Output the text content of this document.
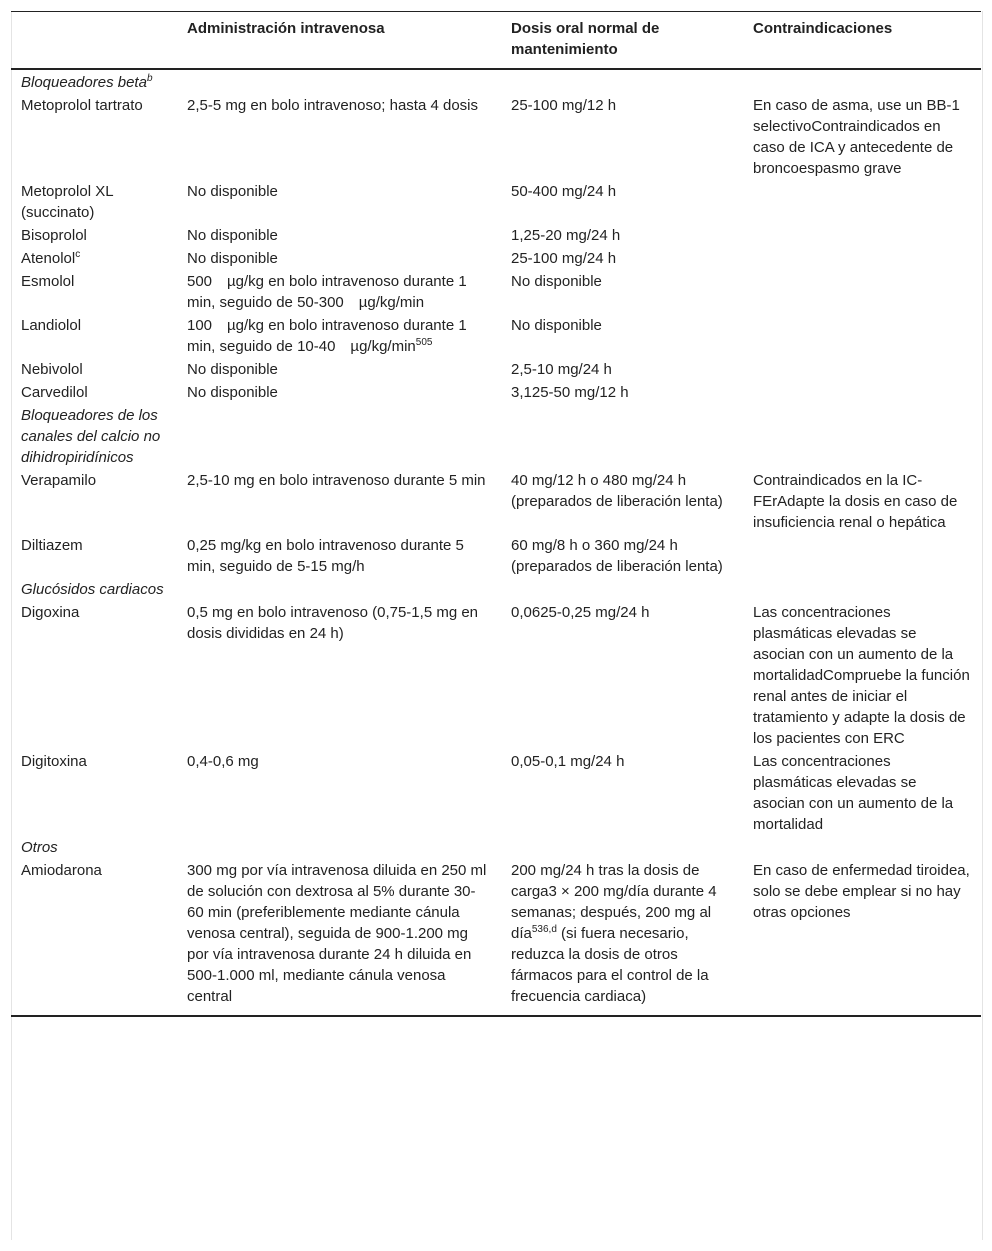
	Administración intravenosa	Dosis oral normal de mantenimiento	Contraindicaciones
Bloqueadores beta$^b$			
Metoprolol tartrato	2,5-5 mg en bolo intravenoso; hasta 4 dosis	25-100 mg/12 h	En caso de asma, use un BB-1 selectivoContraindicados en caso de ICA y antecedente de broncoespasmo grave
Metoprolol XL (succinato)	No disponible	50-400 mg/24 h	
Bisoprolol	No disponible	1,25-20 mg/24 h	
Atenolol$^c$	No disponible	25-100 mg/24 h	
Esmolol	500 µg/kg en bolo intravenoso durante 1 min, seguido de 50-300 µg/kg/min	No disponible	
Landiolol	100 µg/kg en bolo intravenoso durante 1 min, seguido de 10-40 $\mu g/kg/\min^{505}$	No disponible	
Nebivolol	No disponible	2,5-10 mg/24 h	
Carvedilol	No disponible	3,125-50 mg/12 h	
Bloqueadores de los canales del calcio no dihidropiridínicos			
Verapamilo	2,5-10 mg en bolo intravenoso durante 5 min	40 mg/12 h o 480 mg/24 h (preparados de liberación lenta)	Contraindicados en la IC-FErAdapte la dosis en caso de insuficiencia renal o hepática
Diltiazem	0,25 mg/kg en bolo intravenoso durante 5 min, seguido de 5-15 mg/h	60 mg/8 h o 360 mg/24 h (preparados de liberación lenta)	
Glucósidos cardiacos			
Digoxina	0,5 mg en bolo intravenoso (0,75-1,5 mg en dosis divididas en 24 h)	0,0625-0,25 mg/24 h	Las concentraciones plasmáticas elevadas se asocian con un aumento de la mortalidadCompruebe la función renal antes de iniciar el tratamiento y adapte la dosis de los pacientes con ERC
Digitoxina	0,4-0,6 mg	0,05-0,1 mg/24 h	Las concentraciones plasmáticas elevadas se asocian con un aumento de la mortalidad
Otros			
Amiodarona	300 mg por vía intravenosa diluida en 250 ml de solución con dextrosa al 5% durante 30-60 min (preferiblemente mediante cánula venosa central), seguida de 900-1.200 mg por vía intravenosa durante 24 h diluida en 500-1.000 ml, mediante cánula venosa central	200 mg/24 h tras la dosis de carga3 × 200 mg/día durante 4 semanas; después, 200 mg al día$^{536,d}$ (si fuera necesario, reduzca la dosis de otros fármacos para el control de la frecuencia cardiaca)	En caso de enfermedad tiroidea, solo se debe emplear si no hay otras opciones
